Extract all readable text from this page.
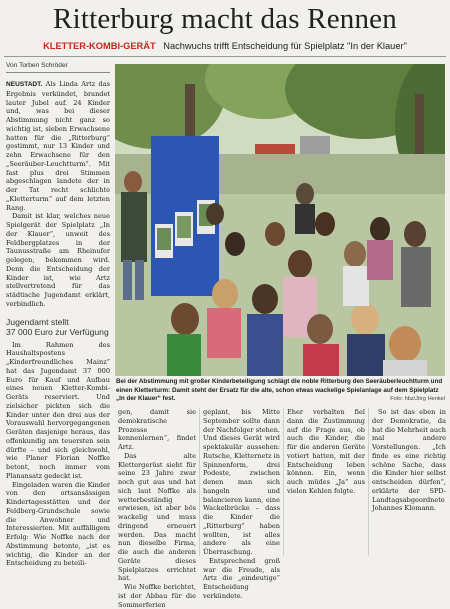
Ritterburg macht das Rennen
KLETTER-KOMBI-GERÄT Nachwuchs trifft Entscheidung für Spielplatz "In der Klauer"
Von Torben Schröder

NEUSTADT. Als Linda Artz das Ergebnis verkündet, brandet lauter Jubel auf. 24 Kinder und, was bei dieser Abstimmung nicht ganz so wichtig ist, sieben Erwachsene hatten für die „Ritterburg“ gestimmt, nur 13 Kinder und zehn Erwachsene für den „Seeräuber-Leuchtturm“. Mit fast plus drei Stimmen abgeschlagen landete der in der Tat recht schlichte „Kletterturm“ auf dem letzten Rang.

Damit ist klar, welches neue Spielgerät der Spielplatz „In der Klauer“, unweit des Feldbergplatzes in der Taunusstraße am Rheinufer gelegen, bekommen wird. Denn die Entscheidung der Kinder ist, wie Artz stellvertretend für das städtische Jugendamt erklärt, verbindlich.

Jugendamt stellt
37 000 Euro zur Verfügung

Im Rahmen des Haushaltspostens „Kinderfreundliches Mainz“ hat das Jugendamt 37 000 Euro für Kauf und Aufbau eines neuen Kletter-Kombi-Geräts reserviert. Und zielsicher pickten sich die Kinder unter den drei aus der Vorauswahl hervorgegangenen Geräten dasjenige heraus, das offenkundig am teuersten sein dürfte – und sich gleichwohl, wie Planer Florian Noffke betont, noch immer vom Planansatz gedeckt ist.

Eingeladen waren die Kinder von den ortsansässigen Kindertagesstätten und der Feldberg-Grundschule sowie die Anwohner und Interessierten. Mit auffälligem Erfolg: Wie Noffke nach der Abstimmung betonte, „ist es wichtig, die Kinder an der Entscheidung zu beteili-

Bei der Abstimmung mit großer Kinderbeteiligung schlägt die noble Ritterburg den Seeräuberleuchtturm und einen Kletterturm: Damit steht der Ersatz für die alte, schon etwas wackelige Spielanlage auf dem Spielplatz „In der Klauer“ fest.	Foto: hbz/Jörg Henkel

gen, damit sie demokratische Prozesse kennenlernen“, findet Artz.

Das alte Klettergerüst sieht für seine 23 Jahre zwar noch gut aus und hat sich laut Noffke als wetterbeständig erwiesen, ist aber bös wackelig und muss dringend erneuert werden. Das macht nun dieselbe Firma, die auch die anderen Geräte dieses Spielplatzes errichtet hat.

Wie Noffke berichtet, ist der Abbau für die Sommerferien

geplant, bis Mitte September sollte dann der Nachfolger stehen. Und dieses Gerät wird spektakulär aussehen: Rutsche, Kletternetz in Spinnenform, drei Podeste, zwischen denen man sich hangeln und balancieren kann, eine Wackelbrücke – dass die Kinder die „Ritterburg“ haben wollten, ist alles andere als eine Überraschung.

Entsprechend groß war die Freude, als Artz die „eindeutige“ Entscheidung verkündete.

Eher verhalten fiel dann die Zustimmung auf die Frage aus, ob auch die Kinder, die für die anderen Geräte votiert hatten, mit der Entscheidung leben können. Ein, wenn auch müdes „Ja“ aus vielen Kehlen folgte.

So ist das eben in der Demokratie, da hat die Mehrheit auch mal andere Vorstellungen. „Ich finde es eine richtig schöne Sache, dass die Kinder hier selbst entscheiden dürfen“, erklärte der SPD-Landtagsabgeordnete Johannes Klomann.
